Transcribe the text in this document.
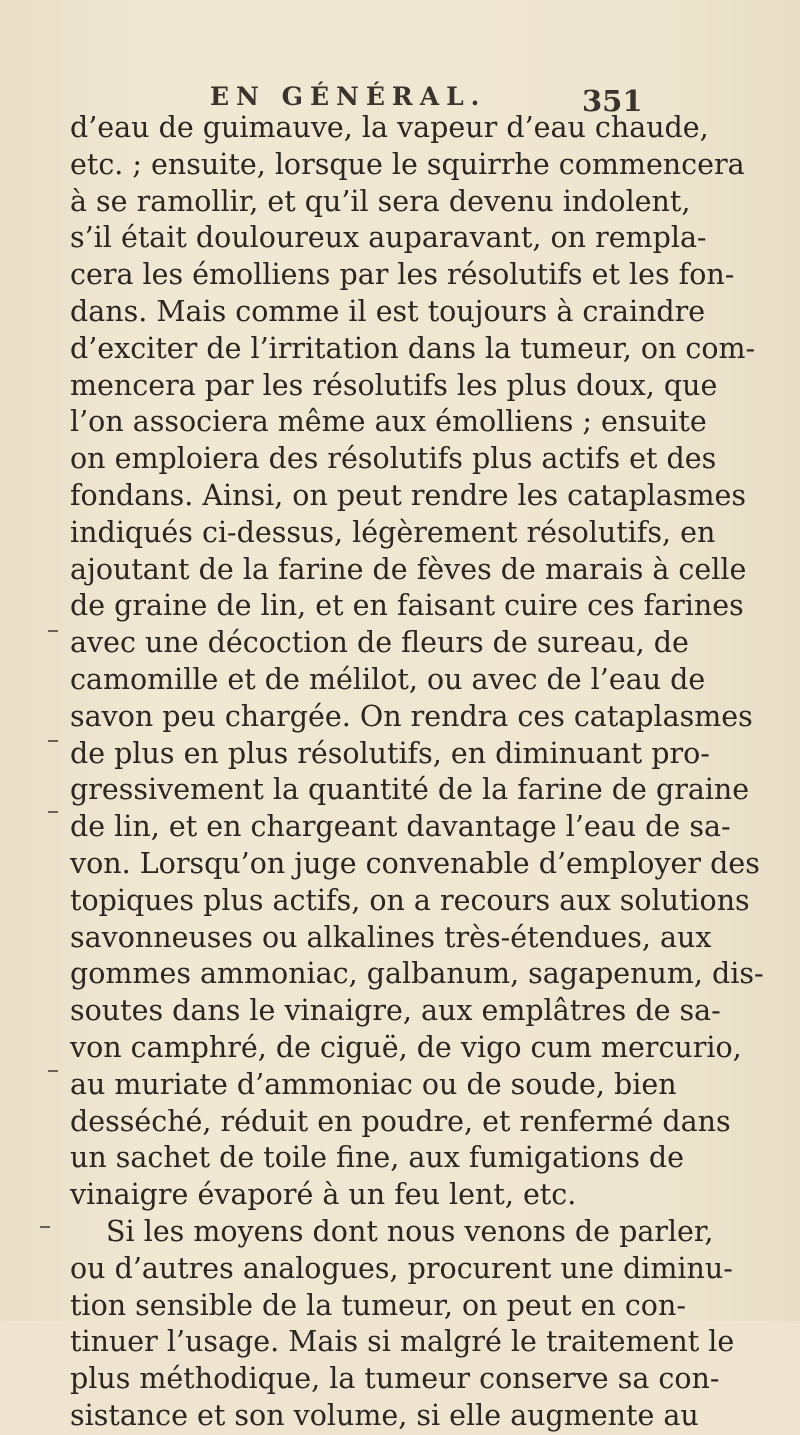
EN GÉNÉRAL.	351
d’eau de guimauve, la vapeur d’eau chaude,
etc. ; ensuite, lorsque le squirrhe commencera
à se ramollir, et qu’il sera devenu indolent,
s’il était douloureux auparavant, on rempla-
cera les émolliens par les résolutifs et les fon-
dans. Mais comme il est toujours à craindre
d’exciter de l’irritation dans la tumeur, on com-
mencera par les résolutifs les plus doux, que
l’on associera même aux émolliens ; ensuite
on emploiera des résolutifs plus actifs et des
fondans. Ainsi, on peut rendre les cataplasmes
indiqués ci-dessus, légèrement résolutifs, en
ajoutant de la farine de fèves de marais à celle
de graine de lin, et en faisant cuire ces farines
avec une décoction de fleurs de sureau, de
camomille et de mélilot, ou avec de l’eau de
savon peu chargée. On rendra ces cataplasmes
de plus en plus résolutifs, en diminuant pro-
gressivement la quantité de la farine de graine
de lin, et en chargeant davantage l’eau de sa-
von. Lorsqu’on juge convenable d’employer des
topiques plus actifs, on a recours aux solutions
savonneuses ou alkalines très-étendues, aux
gommes ammoniac, galbanum, sagapenum, dis-
soutes dans le vinaigre, aux emplâtres de sa-
von camphré, de ciguë, de vigo cum mercurio,
au muriate d’ammoniac ou de soude, bien
desséché, réduit en poudre, et renfermé dans
un sachet de toile fine, aux fumigations de
vinaigre évaporé à un feu lent, etc.
Si les moyens dont nous venons de parler,
ou d’autres analogues, procurent une diminu-
tion sensible de la tumeur, on peut en con-
tinuer l’usage. Mais si malgré le traitement le
plus méthodique, la tumeur conserve sa con-
sistance et son volume, si elle augmente au
